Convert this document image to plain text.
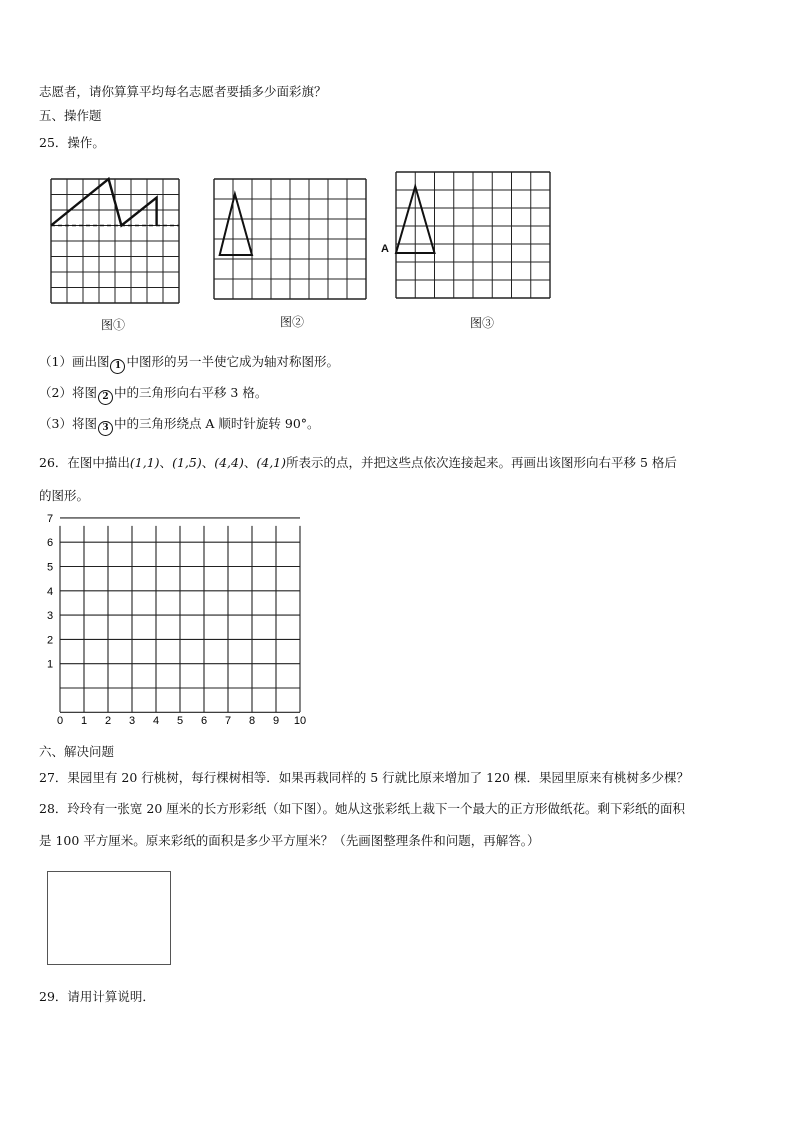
志愿者，请你算算平均每名志愿者要插多少面彩旗？
五、操作题
25．操作。
图①	图②
A
图③
（1）画出图 1 中图形的另一半使它成为轴对称图形。
（2）将图 2 中的三角形向右平移 3 格。
（3）将图 3 中的三角形绕点 A 顺时针旋转 90°。
26．在图中描出(1,1)、(1,5)、(4,4)、(4,1)所表示的点，并把这些点依次连接起来。再画出该图形向右平移 5 格后
的图形。
0 1 2 3 4 5 6 7 8 9 10
1
2
3
4
5
6
7
六、解决问题
27．果园里有 20 行桃树，每行棵树相等．如果再栽同样的 5 行就比原来增加了 120 棵．果园里原来有桃树多少棵？
28．玲玲有一张宽 20 厘米的长方形彩纸（如下图）。她从这张彩纸上裁下一个最大的正方形做纸花。剩下彩纸的面积
是 100 平方厘米。原来彩纸的面积是多少平方厘米？（先画图整理条件和问题，再解答。）
29．请用计算说明．
